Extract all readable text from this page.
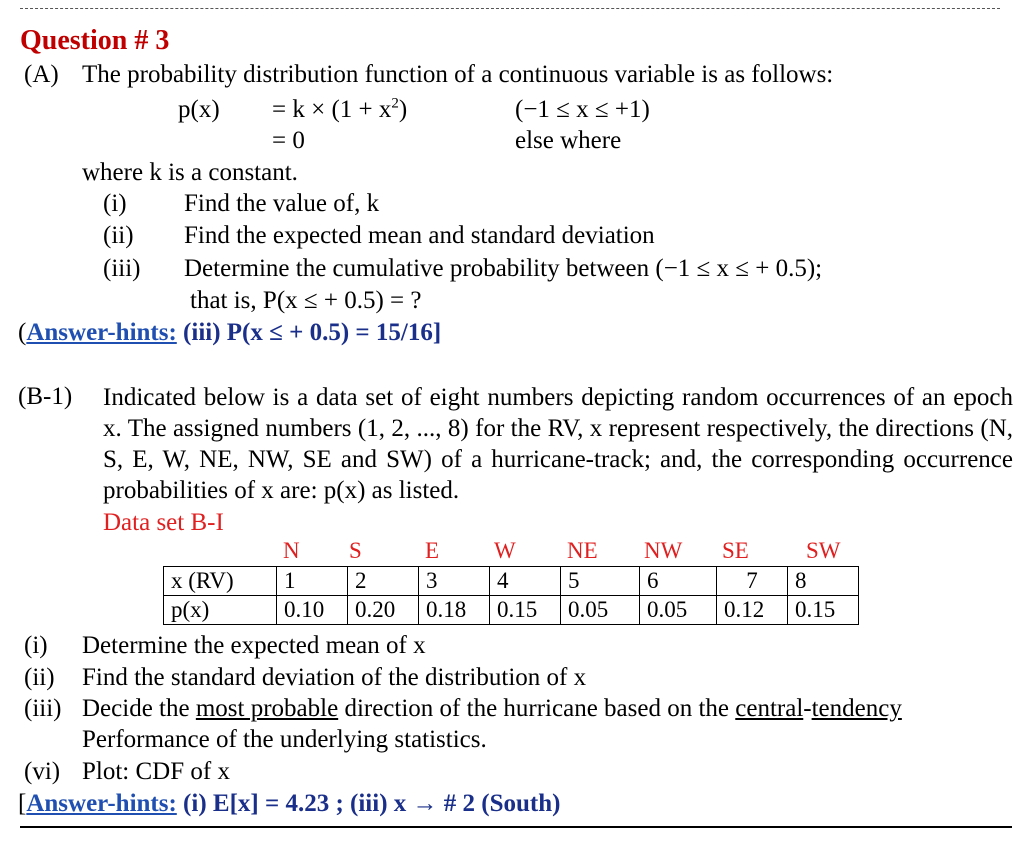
Question # 3
(A) The probability distribution function of a continuous variable is as follows:
$p(x) = k \times (1 + x^2)$	(−1 ≤ x ≤ +1)
= 0	else where
where k is a constant.
(i) Find the value of, k
(ii) Find the expected mean and standard deviation
(iii) Determine the cumulative probability between (−1 ≤ x ≤ + 0.5);
that is, P(x ≤ + 0.5) = ?
(Answer-hints: (iii) P(x ≤ + 0.5) = 15/16]
(B-1) Indicated below is a data set of eight numbers depicting random occurrences of an epoch x. The assigned numbers (1, 2, ..., 8) for the RV, x represent respectively, the directions (N, S, E, W, NE, NW, SE and SW) of a hurricane-track; and, the corresponding occurrence probabilities of x are: p(x) as listed.
Data set B-I
N S	E W NE NW SE SW
x (RV)	1	2	3	4	5	6	7	8
p(x)	0.10	0.20	0.18	0.15	0.05	0.05	0.12	0.15
(i) Determine the expected mean of x
(ii) Find the standard deviation of the distribution of x
(iii) Decide the most probable direction of the hurricane based on the central-tendency
Performance of the underlying statistics.
(vi) Plot: CDF of x
[Answer-hints: (i) E[x] = 4.23 ; (iii) x → # 2 (South)
